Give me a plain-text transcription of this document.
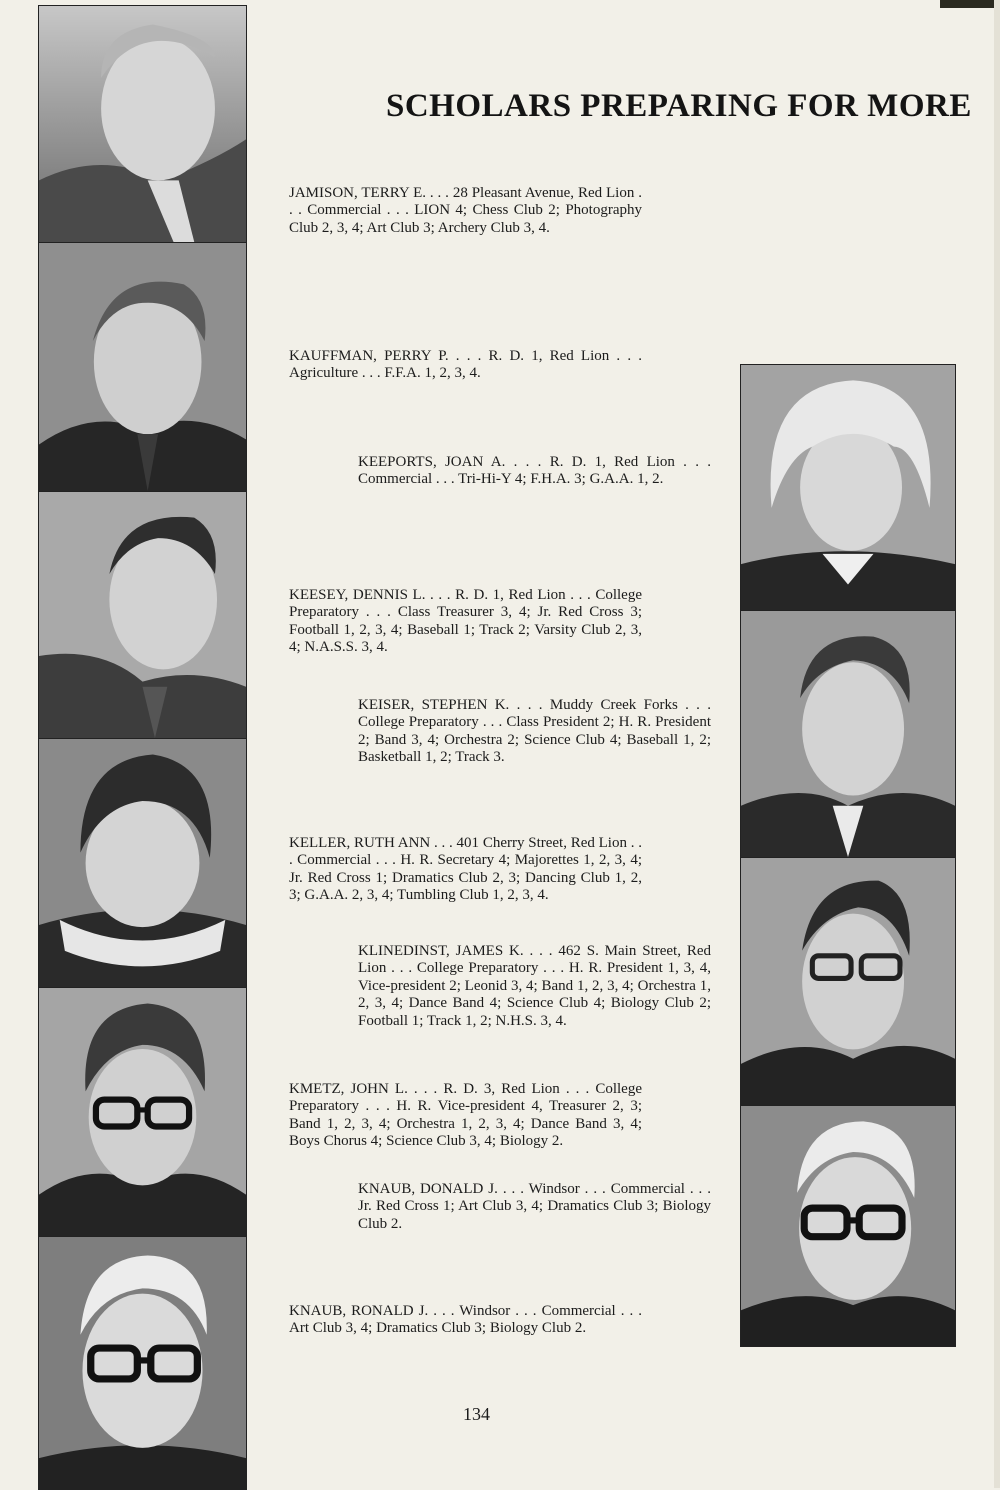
SCHOLARS PREPARING FOR MORE
JAMISON, TERRY E. . . . 28 Pleasant Avenue, Red Lion . . . Commercial . . . LION 4; Chess Club 2; Photography Club 2, 3, 4; Art Club 3; Archery Club 3, 4.
KAUFFMAN, PERRY P. . . . R. D. 1, Red Lion . . . Agriculture . . . F.F.A. 1, 2, 3, 4.
KEEPORTS, JOAN A. . . . R. D. 1, Red Lion . . . Commercial . . . Tri-Hi-Y 4; F.H.A. 3; G.A.A. 1, 2.
KEESEY, DENNIS L. . . . R. D. 1, Red Lion . . . College Preparatory . . . Class Treasurer 3, 4; Jr. Red Cross 3; Football 1, 2, 3, 4; Baseball 1; Track 2; Varsity Club 2, 3, 4; N.A.S.S. 3, 4.
KEISER, STEPHEN K. . . . Muddy Creek Forks . . . College Preparatory . . . Class President 2; H. R. President 2; Band 3, 4; Orchestra 2; Science Club 4; Baseball 1, 2; Basketball 1, 2; Track 3.
KELLER, RUTH ANN . . . 401 Cherry Street, Red Lion . . . Commercial . . . H. R. Secretary 4; Majorettes 1, 2, 3, 4; Jr. Red Cross 1; Dramatics Club 2, 3; Dancing Club 1, 2, 3; G.A.A. 2, 3, 4; Tumbling Club 1, 2, 3, 4.
KLINEDINST, JAMES K. . . . 462 S. Main Street, Red Lion . . . College Preparatory . . . H. R. President 1, 3, 4, Vice-president 2; Leonid 3, 4; Band 1, 2, 3, 4; Orchestra 1, 2, 3, 4; Dance Band 4; Science Club 4; Biology Club 2; Football 1; Track 1, 2; N.H.S. 3, 4.
KMETZ, JOHN L. . . . R. D. 3, Red Lion . . . College Preparatory . . . H. R. Vice-president 4, Treasurer 2, 3; Band 1, 2, 3, 4; Orchestra 1, 2, 3, 4; Dance Band 3, 4; Boys Chorus 4; Science Club 3, 4; Biology 2.
KNAUB, DONALD J. . . . Windsor . . . Commercial . . . Jr. Red Cross 1; Art Club 3, 4; Dramatics Club 3; Biology Club 2.
KNAUB, RONALD J. . . . Windsor . . . Commercial . . . Art Club 3, 4; Dramatics Club 3; Biology Club 2.
134
